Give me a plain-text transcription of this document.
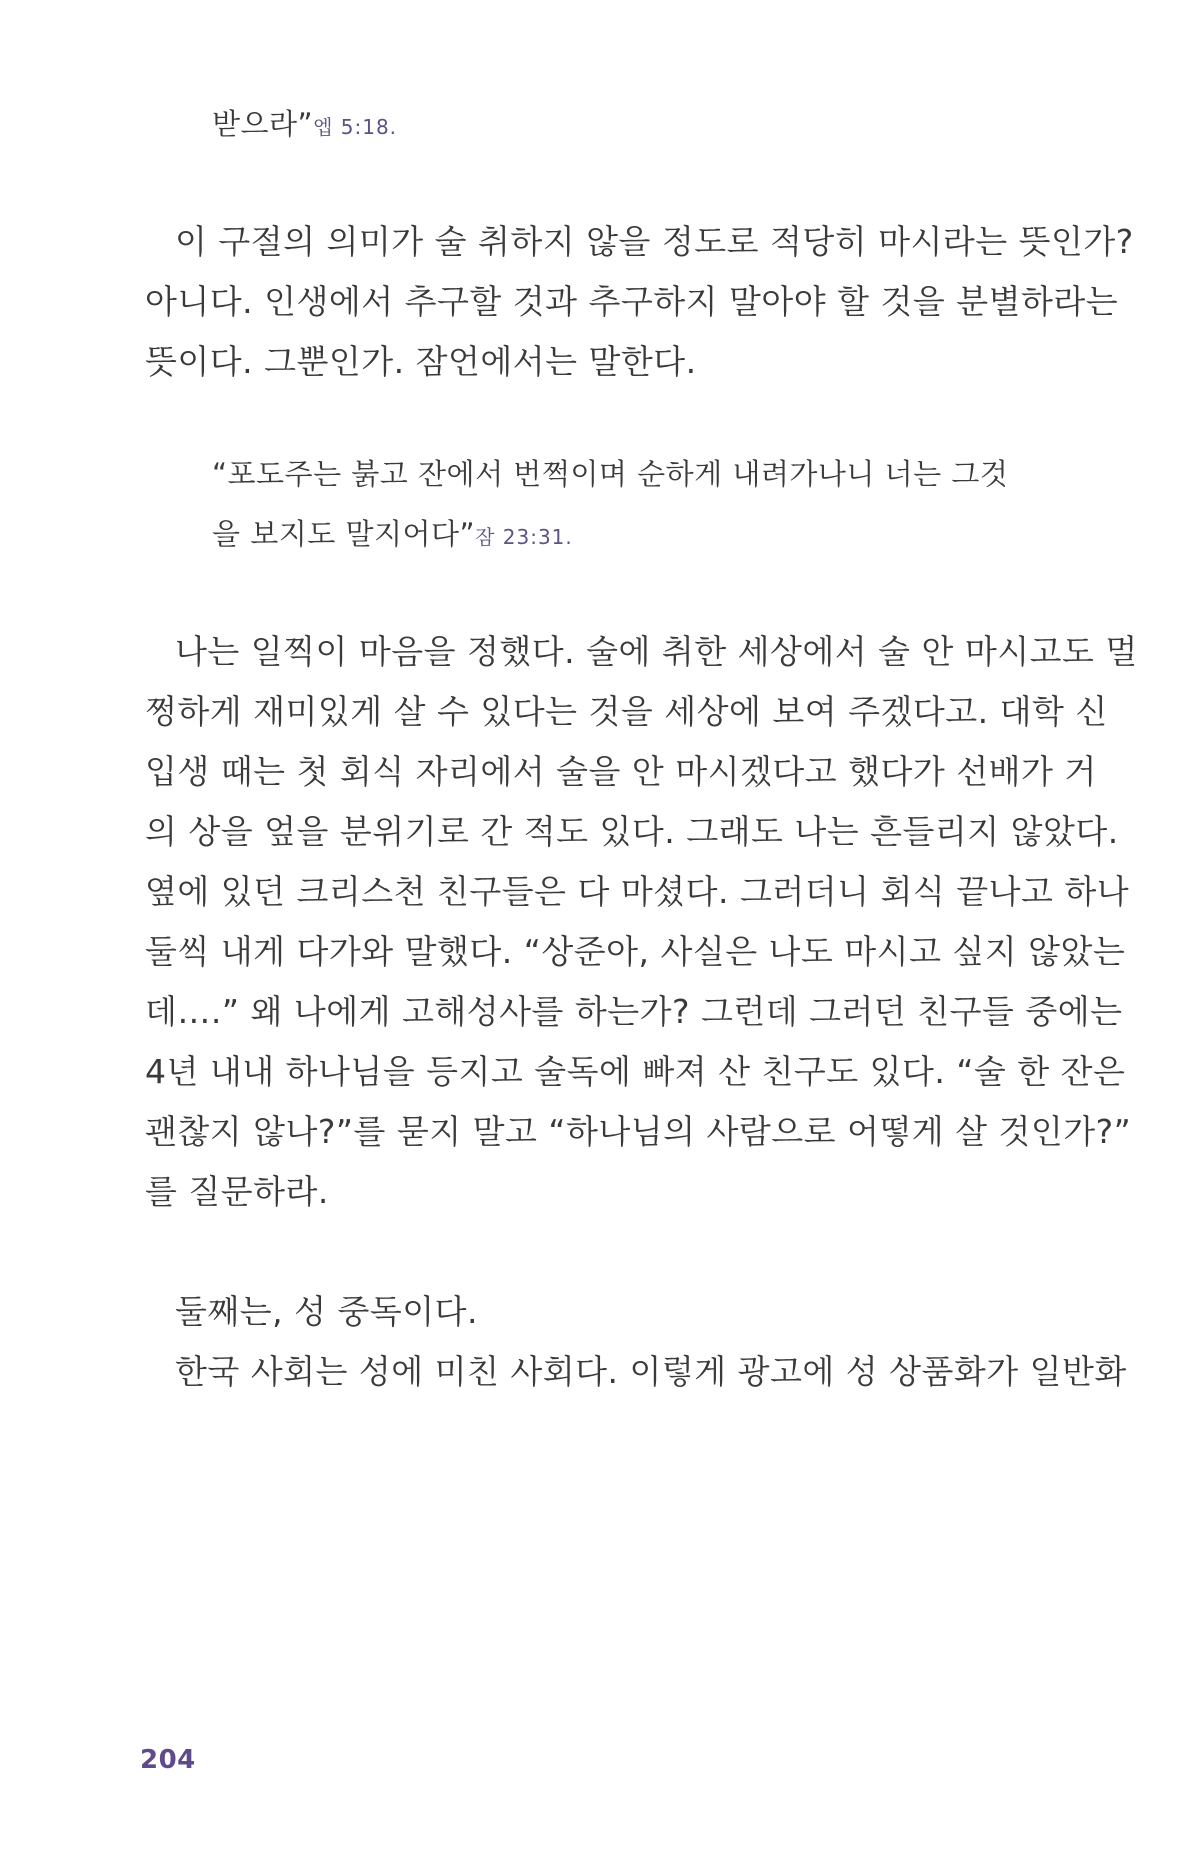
받으라”엡 5:18.
이 구절의 의미가 술 취하지 않을 정도로 적당히 마시라는 뜻인가?
아니다. 인생에서 추구할 것과 추구하지 말아야 할 것을 분별하라는
뜻이다. 그뿐인가. 잠언에서는 말한다.
“포도주는 붉고 잔에서 번쩍이며 순하게 내려가나니 너는 그것
을 보지도 말지어다”잠 23:31.
나는 일찍이 마음을 정했다. 술에 취한 세상에서 술 안 마시고도 멀
쩡하게 재미있게 살 수 있다는 것을 세상에 보여 주겠다고. 대학 신
입생 때는 첫 회식 자리에서 술을 안 마시겠다고 했다가 선배가 거
의 상을 엎을 분위기로 간 적도 있다. 그래도 나는 흔들리지 않았다.
옆에 있던 크리스천 친구들은 다 마셨다. 그러더니 회식 끝나고 하나
둘씩 내게 다가와 말했다. “상준아, 사실은 나도 마시고 싶지 않았는
데….” 왜 나에게 고해성사를 하는가? 그런데 그러던 친구들 중에는
4년 내내 하나님을 등지고 술독에 빠져 산 친구도 있다. “술 한 잔은
괜찮지 않나?”를 묻지 말고 “하나님의 사람으로 어떻게 살 것인가?”
를 질문하라.
둘째는, 성 중독이다.
한국 사회는 성에 미친 사회다. 이렇게 광고에 성 상품화가 일반화
204
